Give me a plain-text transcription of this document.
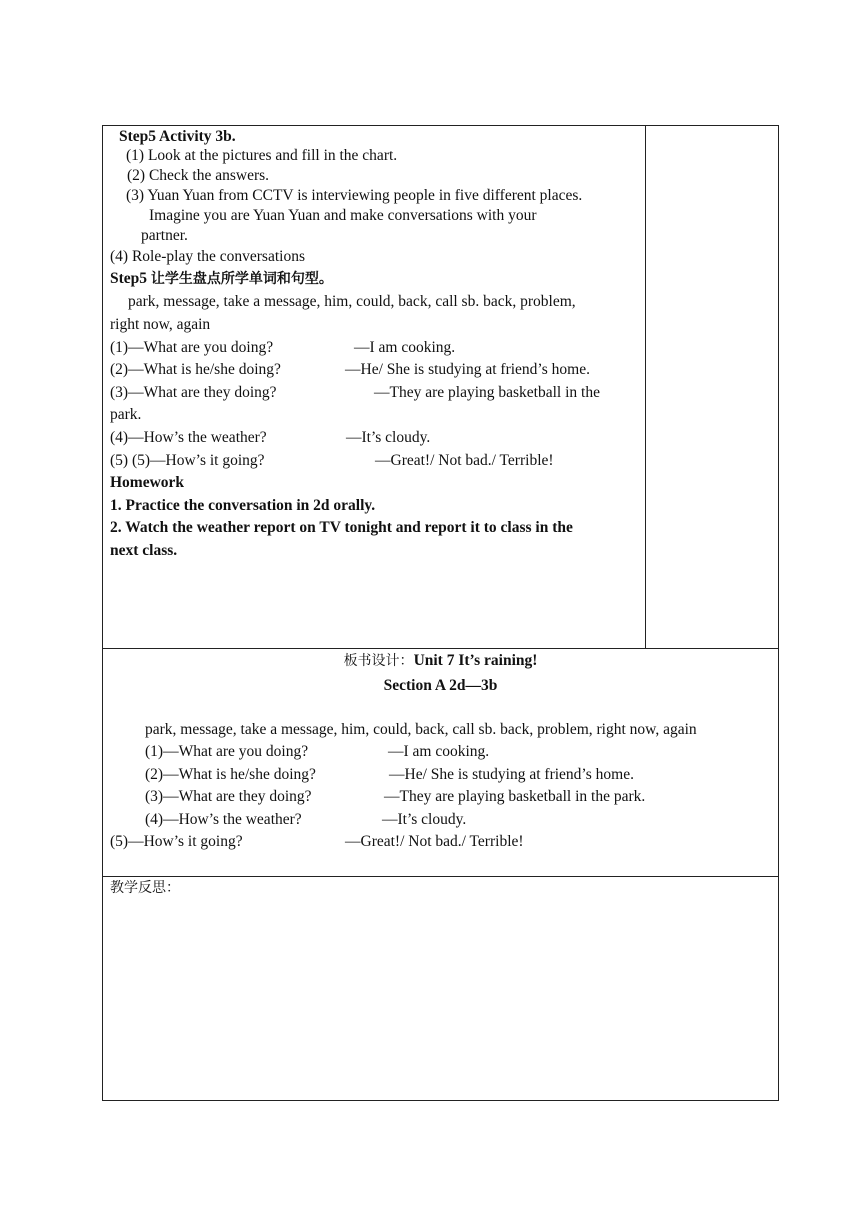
Step5 Activity 3b.
(1) Look at the pictures and fill in the chart.
(2) Check the answers.
(3) Yuan Yuan from CCTV is interviewing people in five different places.
Imagine you are Yuan Yuan and make conversations with your
partner.
(4) Role-play the conversations
Step5 让学生盘点所学单词和句型。
park, message, take a message, him, could, back, call sb. back, problem,
right now, again
(1)—What are you doing?	—I am cooking.
(2)—What is he/she doing?	—He/ She is studying at friend’s home.
(3)—What are they doing?	—They are playing basketball in the
park.
(4)—How’s the weather?	—It’s cloudy.
(5) (5)—How’s it going?	—Great!/ Not bad./ Terrible!
Homework
1. Practice the conversation in 2d orally.
2. Watch the weather report on TV tonight and report it to class in the
next class.
板书设计：Unit 7 It’s raining!
Section A 2d—3b
park, message, take a message, him, could, back, call sb. back, problem, right now, again
(1)—What are you doing?	—I am cooking.
(2)—What is he/she doing?	—He/ She is studying at friend’s home.
(3)—What are they doing?	—They are playing basketball in the park.
(4)—How’s the weather?	—It’s cloudy.
(5)—How’s it going?	—Great!/ Not bad./ Terrible!
教学反思：
